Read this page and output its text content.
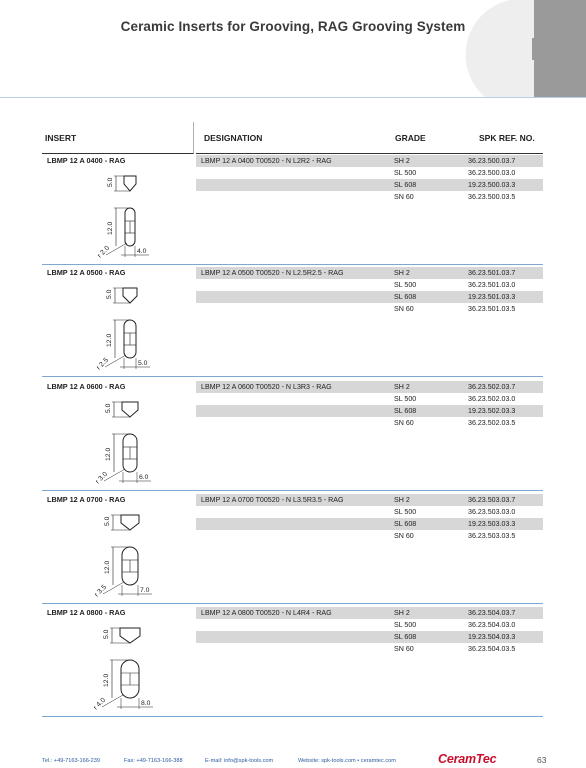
Ceramic Inserts for Grooving, RAG Grooving System
INSERT	DESIGNATION	GRADE	SPK REF. NO.
LBMP 12 A 0400 - RAG	LBMP 12 A 0400 T00520 - N L2R2 - RAG	SH 2	36.23.500.03.7
SL 500	36.23.500.03.0
SL 608	19.23.500.03.3
SN 60	36.23.500.03.5
5.0
12.0
r 2.0	4.0
LBMP 12 A 0500 - RAG	LBMP 12 A 0500 T00520 - N L2.5R2.5 - RAG	SH 2	36.23.501.03.7
SL 500	36.23.501.03.0
SL 608	19.23.501.03.3
SN 60	36.23.501.03.5
5.0
12.0
r 2.5	5.0
LBMP 12 A 0600 - RAG	LBMP 12 A 0600 T00520 - N L3R3 - RAG	SH 2	36.23.502.03.7
SL 500	36.23.502.03.0
SL 608	19.23.502.03.3
SN 60	36.23.502.03.5
5.0
12.0
r 3.0	6.0
LBMP 12 A 0700 - RAG	LBMP 12 A 0700 T00520 - N L3.5R3.5 - RAG	SH 2	36.23.503.03.7
SL 500	36.23.503.03.0
SL 608	19.23.503.03.3
SN 60	36.23.503.03.5
5.0
12.0
r 3.5	7.0
LBMP 12 A 0800 - RAG	LBMP 12 A 0800 T00520 - N L4R4 - RAG	SH 2	36.23.504.03.7
SL 500	36.23.504.03.0
SL 608	19.23.504.03.3
SN 60	36.23.504.03.5
5.0
12.0
r 4.0	8.0
Tel.: +49-7163-166-239	Fax: +49-7163-166-388	E-mail: info@spk-tools.com	Website: spk-tools.com • ceramtec.com	CeramTec	63
